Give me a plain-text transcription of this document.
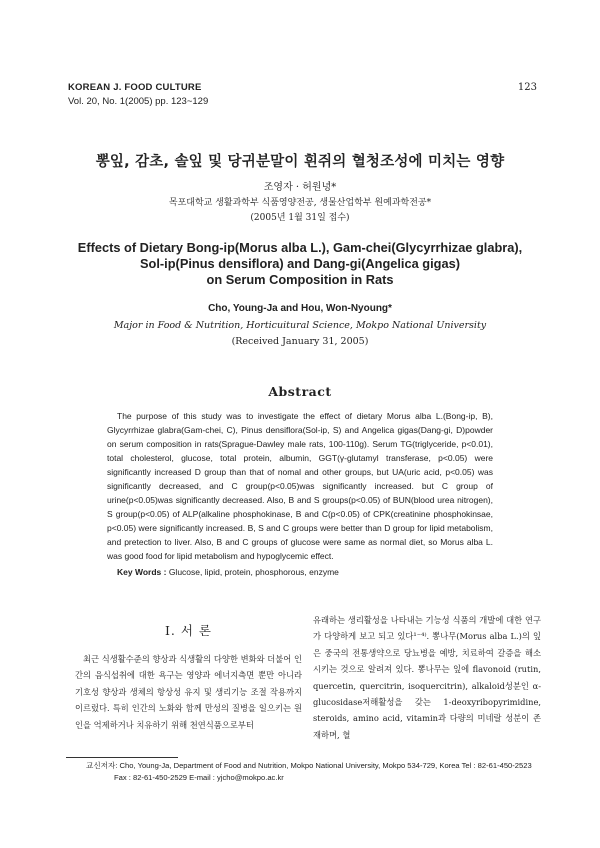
KOREAN J. FOOD CULTURE
Vol. 20, No. 1(2005) pp. 123~129
123
뽕잎, 감초, 솔잎 및 당귀분말이 흰쥐의 혈청조성에 미치는 영향
조영자 · 허원녕*
목포대학교 생활과학부 식품영양전공, 생물산업학부 원예과학전공*
(2005년 1월 31일 접수)
Effects of Dietary Bong-ip(Morus alba L.), Gam-chei(Glycyrrhizae glabra),
Sol-ip(Pinus densiflora) and Dang-gi(Angelica gigas)
on Serum Composition in Rats
Cho, Young-Ja and Hou, Won-Nyoung*
Major in Food & Nutrition, Horticuitural Science, Mokpo National University
(Received January 31, 2005)
Abstract
The purpose of this study was to investigate the effect of dietary Morus alba L.(Bong-ip, B), Glycyrrhizae glabra(Gam-chei, C), Pinus densiflora(Sol-ip, S) and Angelica gigas(Dang-gi, D)powder on serum composition in rats(Sprague-Dawley male rats, 100-110g). Serum TG(triglyceride, p<0.01), total cholesterol, glucose, total protein, albumin, GGT(γ-glutamyl transferase, p<0.05) were significantly increased D group than that of nomal and other groups, but UA(uric acid, p<0.05) was significantly decreased, and C group(p<0.05)was significantly increased. but C group of urine(p<0.05)was significantly decreased. Also, B and S groups(p<0.05) of BUN(blood urea nitrogen), S group(p<0.05) of ALP(alkaline phosphokinase, B and C(p<0.05) of CPK(creatinine phosphokinsae, p<0.05) were significantly increased. B, S and C groups were better than D group for lipid metabolism, and pretection to liver. Also, B and C groups of glucose were same as normal diet, so Morus alba L. was good food for lipid metabolism and hypoglycemic effect.
Key Words : Glucose, lipid, protein, phosphorous, enzyme
I. 서 론
최근 식생활수준의 향상과 식생활의 다양한 변화와 더불어 인간의 음식섭취에 대한 욕구는 영양과 에너지측면 뿐만 아니라 기호성 향상과 생체의 항상성 유지 및 생리기능 조절 작용까지 이르렀다. 특히 인간의 노화와 함께 만성의 질병을 일으키는 원인을 억제하거나 치유하기 위해 천연식품으로부터
유래하는 생리활성을 나타내는 기능성 식품의 개발에 대한 연구가 다양하게 보고 되고 있다¹⁻⁴⁾. 뽕나무(Morus alba L.)의 잎은 중국의 전통생약으로 당뇨병을 예방, 치료하여 갈증을 해소시키는 것으로 알려져 있다. 뽕나무는 잎에 flavonoid (rutin, quercetin, quercitrin, isoquercitrin), alkaloid성분인 α-glucosidase저해활성을 갖는 1-deoxyribopyrimidine, steroids, amino acid, vitamin과 다량의 미네랄 성분이 존재하며, 혈
교신저자: Cho, Young-Ja, Department of Food and Nutrition, Mokpo National University, Mokpo 534-729, Korea Tel : 82-61-450-2523
Fax : 82-61-450-2529 E-mail : yjcho@mokpo.ac.kr
